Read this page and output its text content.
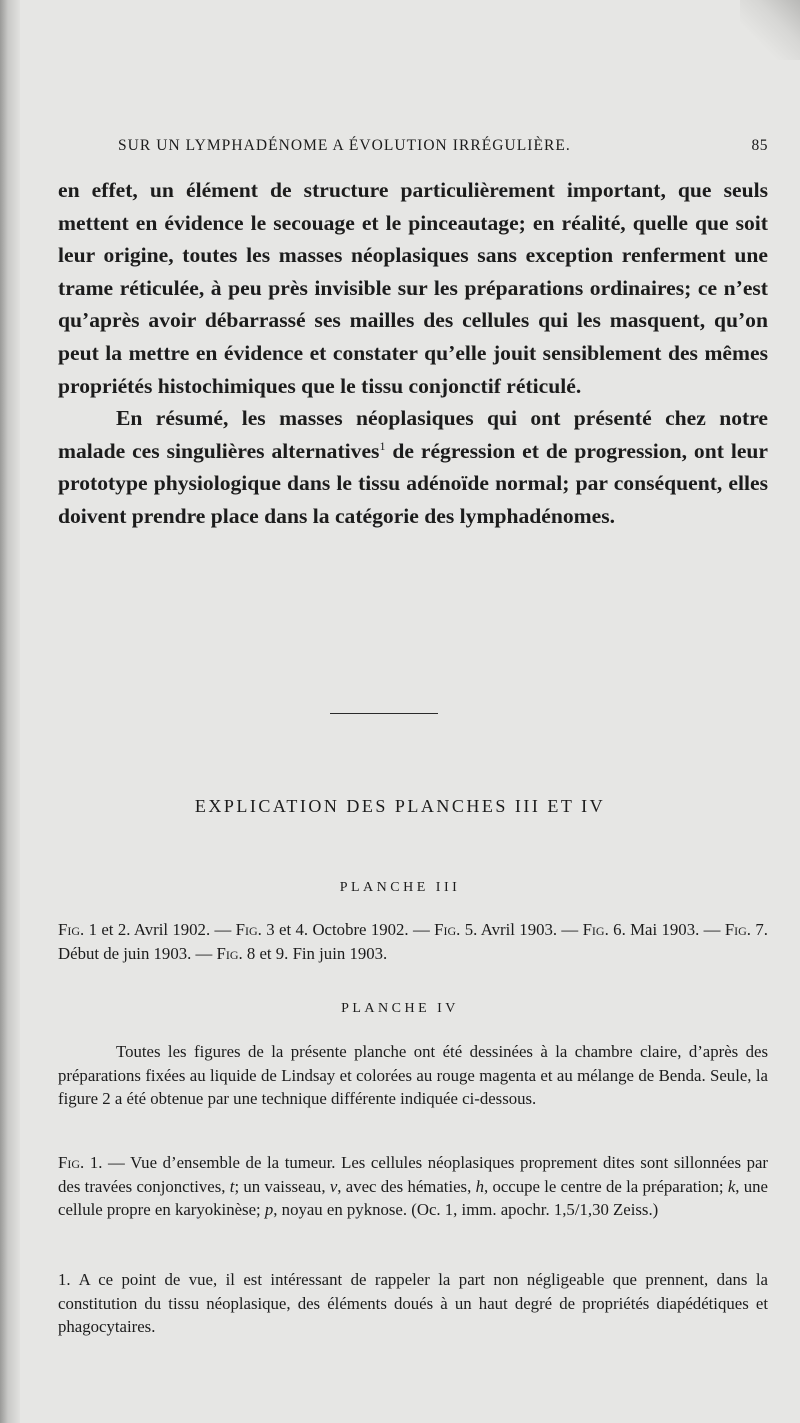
SUR UN LYMPHADÉNOME A ÉVOLUTION IRRÉGULIÈRE.	85

en effet, un élément de structure particulièrement important, que seuls mettent en évidence le secouage et le pinceautage; en réalité, quelle que soit leur origine, toutes les masses néoplasiques sans exception renferment une trame réticulée, à peu près invisible sur les préparations ordinaires; ce n’est qu’après avoir débarrassé ses mailles des cellules qui les masquent, qu’on peut la mettre en évidence et constater qu’elle jouit sensiblement des mêmes propriétés histochimiques que le tissu conjonctif réticulé.

En résumé, les masses néoplasiques qui ont présenté chez notre malade ces singulières alternatives$^1$ de régression et de progression, ont leur prototype physiologique dans le tissu adénoïde normal; par conséquent, elles doivent prendre place dans la catégorie des lymphadénomes.

EXPLICATION DES PLANCHES III ET IV
PLANCHE III

Fig. 1 et 2. Avril 1902. — Fig. 3 et 4. Octobre 1902. — Fig. 5. Avril 1903. — Fig. 6. Mai 1903. — Fig. 7. Début de juin 1903. — Fig. 8 et 9. Fin juin 1903.

PLANCHE IV

Toutes les figures de la présente planche ont été dessinées à la chambre claire, d’après des préparations fixées au liquide de Lindsay et colorées au rouge magenta et au mélange de Benda. Seule, la figure 2 a été obtenue par une technique différente indiquée ci-dessous.

Fig. 1. — Vue d’ensemble de la tumeur. Les cellules néoplasiques proprement dites sont sillonnées par des travées conjonctives, t; un vaisseau, v, avec des hématies, h, occupe le centre de la préparation; k, une cellule propre en karyokinèse; p, noyau en pyknose. (Oc. 1, imm. apochr. 1,5/1,30 Zeiss.)

1. A ce point de vue, il est intéressant de rappeler la part non négligeable que prennent, dans la constitution du tissu néoplasique, des éléments doués à un haut degré de propriétés diapédétiques et phagocytaires.
